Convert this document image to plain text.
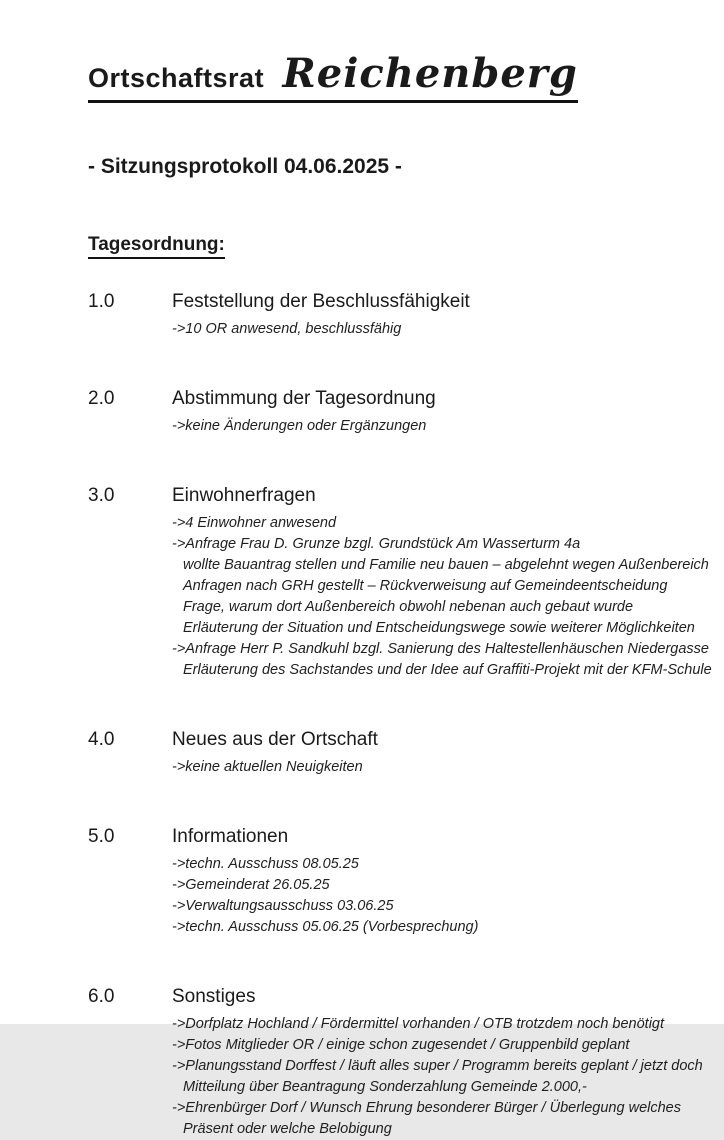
Ortschaftsrat Reichenberg
- Sitzungsprotokoll 04.06.2025 -
Tagesordnung:
1.0	Feststellung der Beschlussfähigkeit
->10 OR anwesend, beschlussfähig
2.0	Abstimmung der Tagesordnung
->keine Änderungen oder Ergänzungen
3.0	Einwohnerfragen
->4 Einwohner anwesend
->Anfrage Frau D. Grunze bzgl. Grundstück Am Wasserturm 4a
wollte Bauantrag stellen und Familie neu bauen – abgelehnt wegen Außenbereich
Anfragen nach GRH gestellt – Rückverweisung auf Gemeindeentscheidung
Frage, warum dort Außenbereich obwohl nebenan auch gebaut wurde
Erläuterung der Situation und Entscheidungswege sowie weiterer Möglichkeiten
->Anfrage Herr P. Sandkuhl bzgl. Sanierung des Haltestellenhäuschen Niedergasse
Erläuterung des Sachstandes und der Idee auf Graffiti-Projekt mit der KFM-Schule
4.0	Neues aus der Ortschaft
->keine aktuellen Neuigkeiten
5.0	Informationen
->techn. Ausschuss 08.05.25
->Gemeinderat 26.05.25
->Verwaltungsausschuss 03.06.25
->techn. Ausschuss 05.06.25 (Vorbesprechung)
6.0	Sonstiges
->Dorfplatz Hochland / Fördermittel vorhanden / OTB trotzdem noch benötigt
->Fotos Mitglieder OR / einige schon zugesendet / Gruppenbild geplant
->Planungsstand Dorffest / läuft alles super / Programm bereits geplant / jetzt doch
Mitteilung über Beantragung Sonderzahlung Gemeinde 2.000,-
->Ehrenbürger Dorf / Wunsch Ehrung besonderer Bürger / Überlegung welches
Präsent oder welche Belobigung
